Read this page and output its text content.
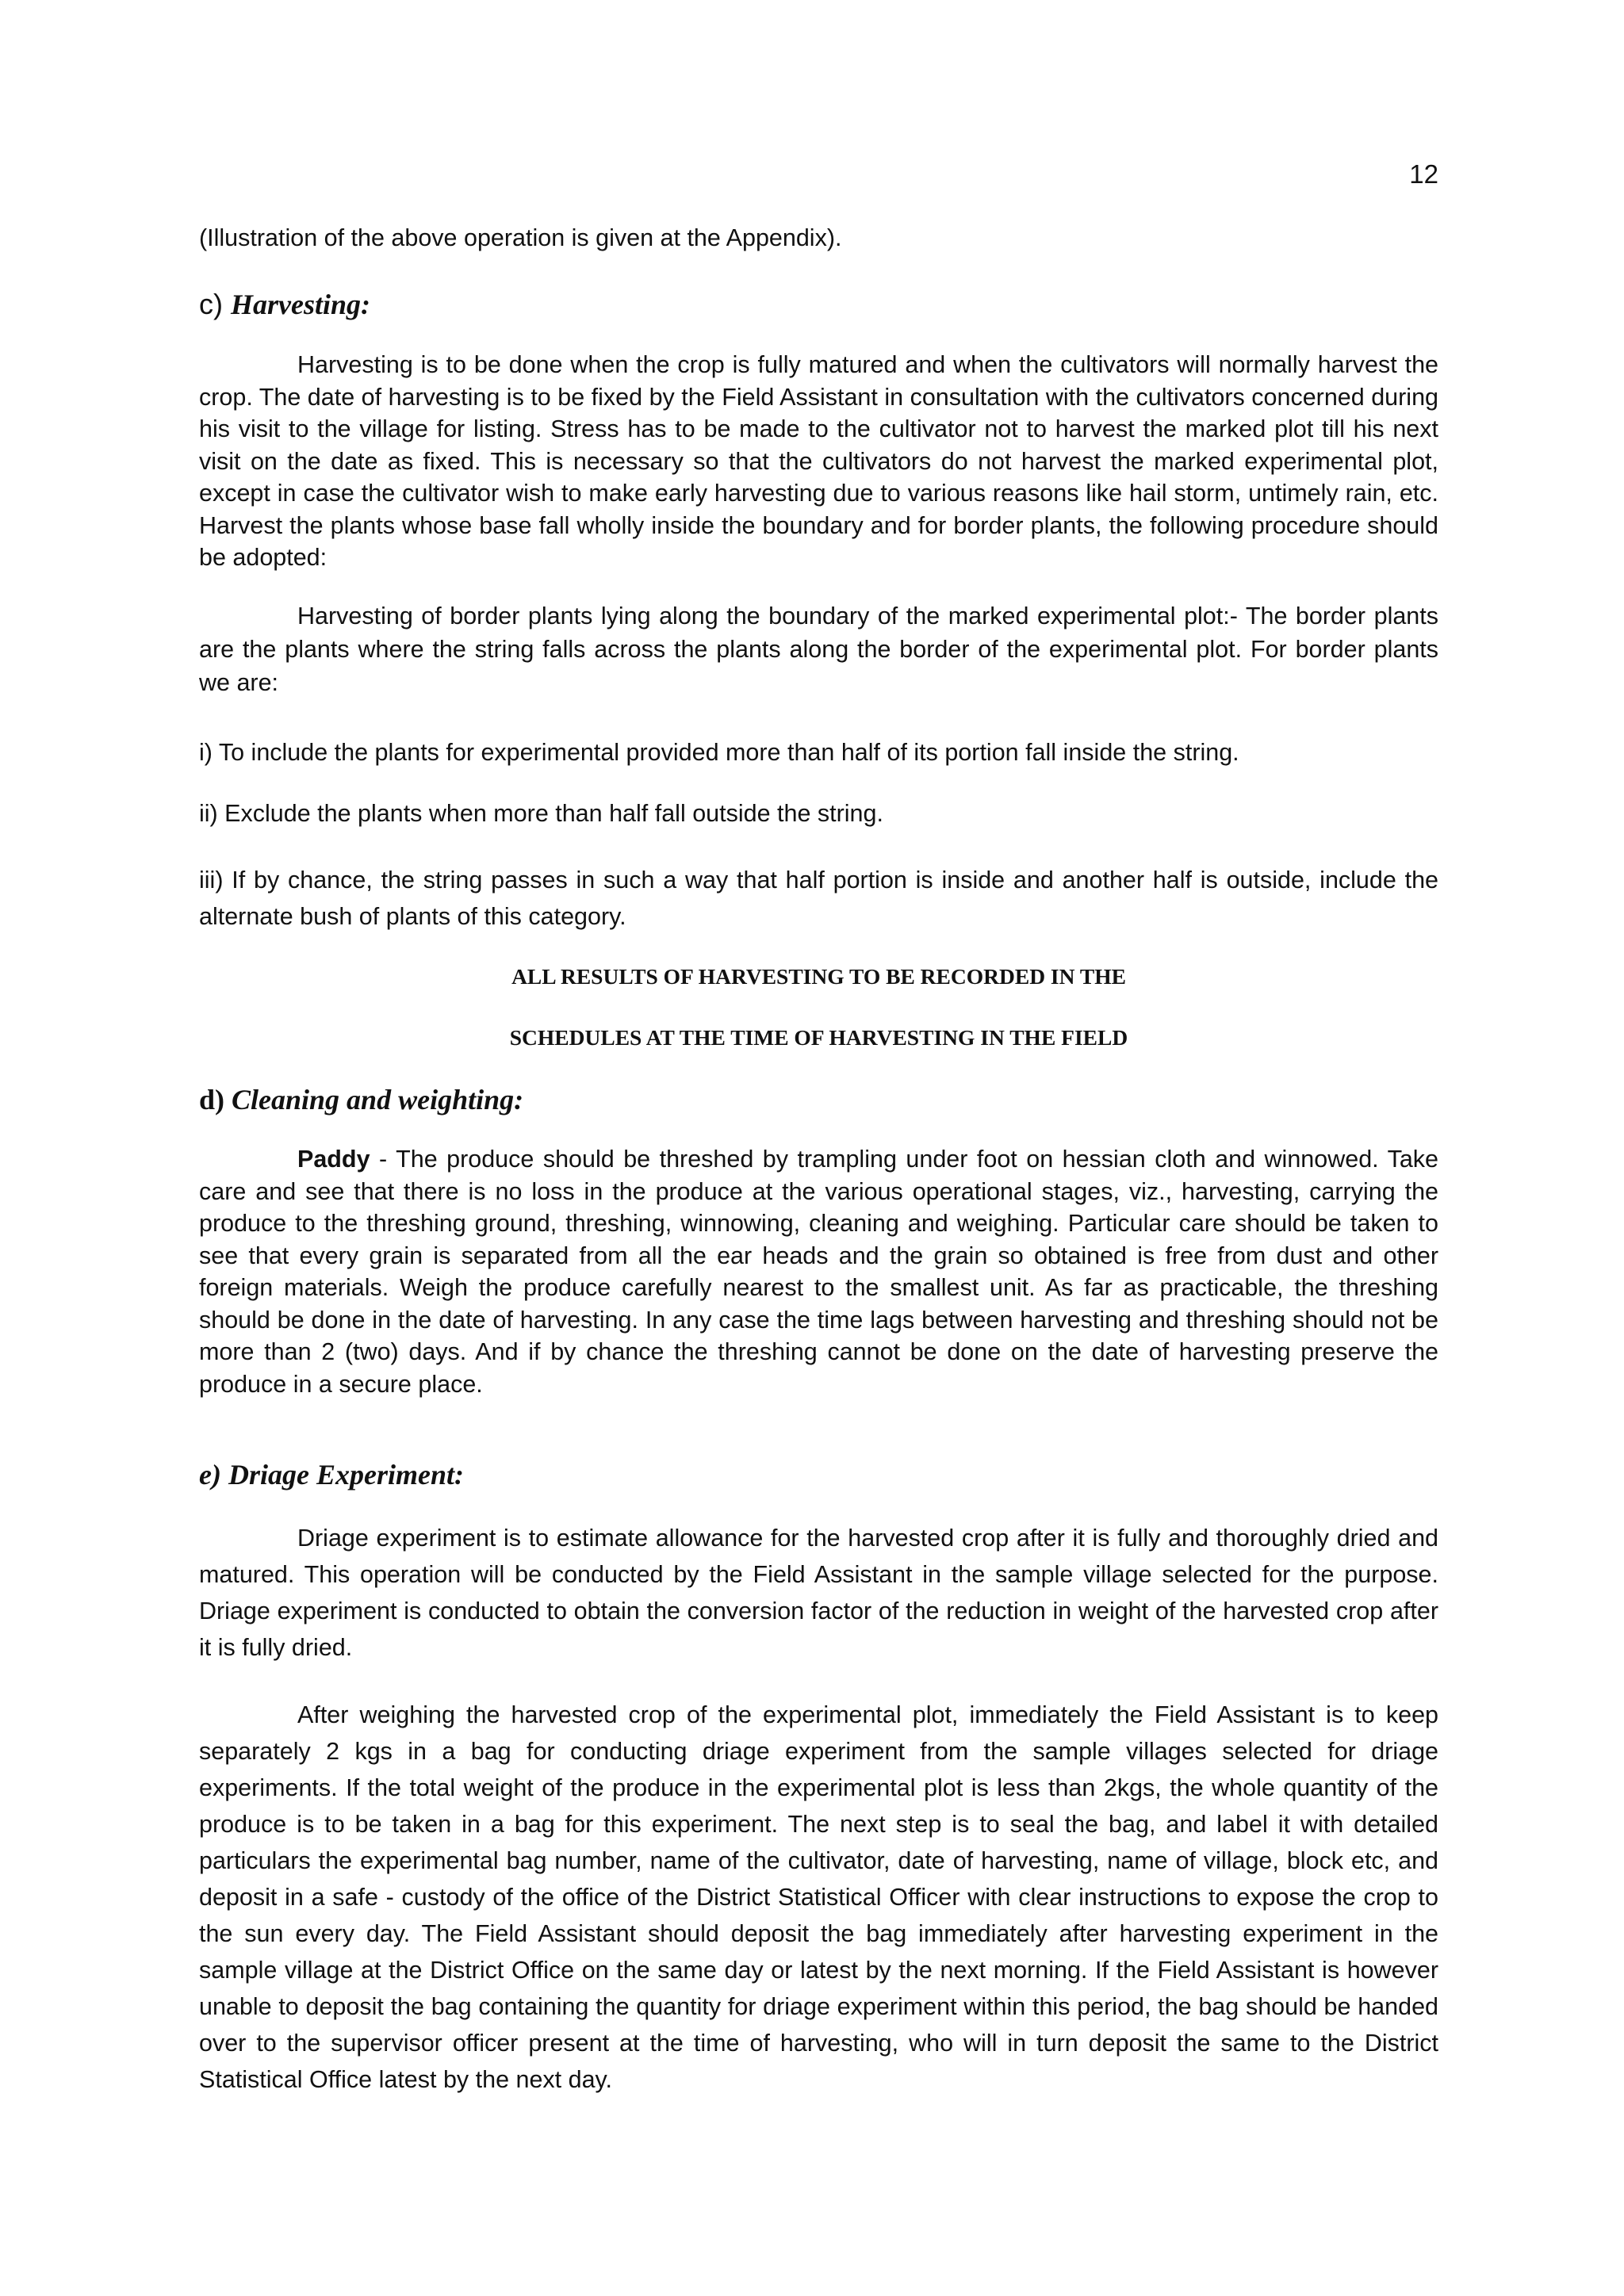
12
(Illustration of the above operation is given at the Appendix).
c) Harvesting:
Harvesting is to be done when the crop is fully matured and when the cultivators will normally harvest the crop. The date of harvesting is to be fixed by the Field Assistant in consultation with the cultivators concerned during his visit to the village for listing. Stress has to be made to the cultivator not to harvest the marked plot till his next visit on the date as fixed. This is necessary so that the cultivators do not harvest the marked experimental plot, except in case the cultivator wish to make early harvesting due to various reasons like hail storm, untimely rain, etc. Harvest the plants whose base fall wholly inside the boundary and for border plants, the following procedure should be adopted:
Harvesting of border plants lying along the boundary of the marked experimental plot:- The border plants are the plants where the string falls across the plants along the border of the experimental plot. For border plants we are:
i) To include the plants for experimental provided more than half of its portion fall inside the string.
ii) Exclude the plants when more than half fall outside the string.
iii) If by chance, the string passes in such a way that half portion is inside and another half is outside, include the alternate bush of plants of this category.
ALL RESULTS OF HARVESTING TO BE RECORDED IN THE
SCHEDULES AT THE TIME OF HARVESTING IN THE FIELD
d) Cleaning and weighting:
Paddy - The produce should be threshed by trampling under foot on hessian cloth and winnowed. Take care and see that there is no loss in the produce at the various operational stages, viz., harvesting, carrying the produce to the threshing ground, threshing, winnowing, cleaning and weighing. Particular care should be taken to see that every grain is separated from all the ear heads and the grain so obtained is free from dust and other foreign materials. Weigh the produce carefully nearest to the smallest unit. As far as practicable, the threshing should be done in the date of harvesting. In any case the time lags between harvesting and threshing should not be more than 2 (two) days. And if by chance the threshing cannot be done on the date of harvesting preserve the produce in a secure place.
e) Driage Experiment:
Driage experiment is to estimate allowance for the harvested crop after it is fully and thoroughly dried and matured. This operation will be conducted by the Field Assistant in the sample village selected for the purpose. Driage experiment is conducted to obtain the conversion factor of the reduction in weight of the harvested crop after it is fully dried.
After weighing the harvested crop of the experimental plot, immediately the Field Assistant is to keep separately 2 kgs in a bag for conducting driage experiment from the sample villages selected for driage experiments. If the total weight of the produce in the experimental plot is less than 2kgs, the whole quantity of the produce is to be taken in a bag for this experiment. The next step is to seal the bag, and label it with detailed particulars the experimental bag number, name of the cultivator, date of harvesting, name of village, block etc, and deposit in a safe - custody of the office of the District Statistical Officer with clear instructions to expose the crop to the sun every day. The Field Assistant should deposit the bag immediately after harvesting experiment in the sample village at the District Office on the same day or latest by the next morning. If the Field Assistant is however unable to deposit the bag containing the quantity for driage experiment within this period, the bag should be handed over to the supervisor officer present at the time of harvesting, who will in turn deposit the same to the District Statistical Office latest by the next day.
